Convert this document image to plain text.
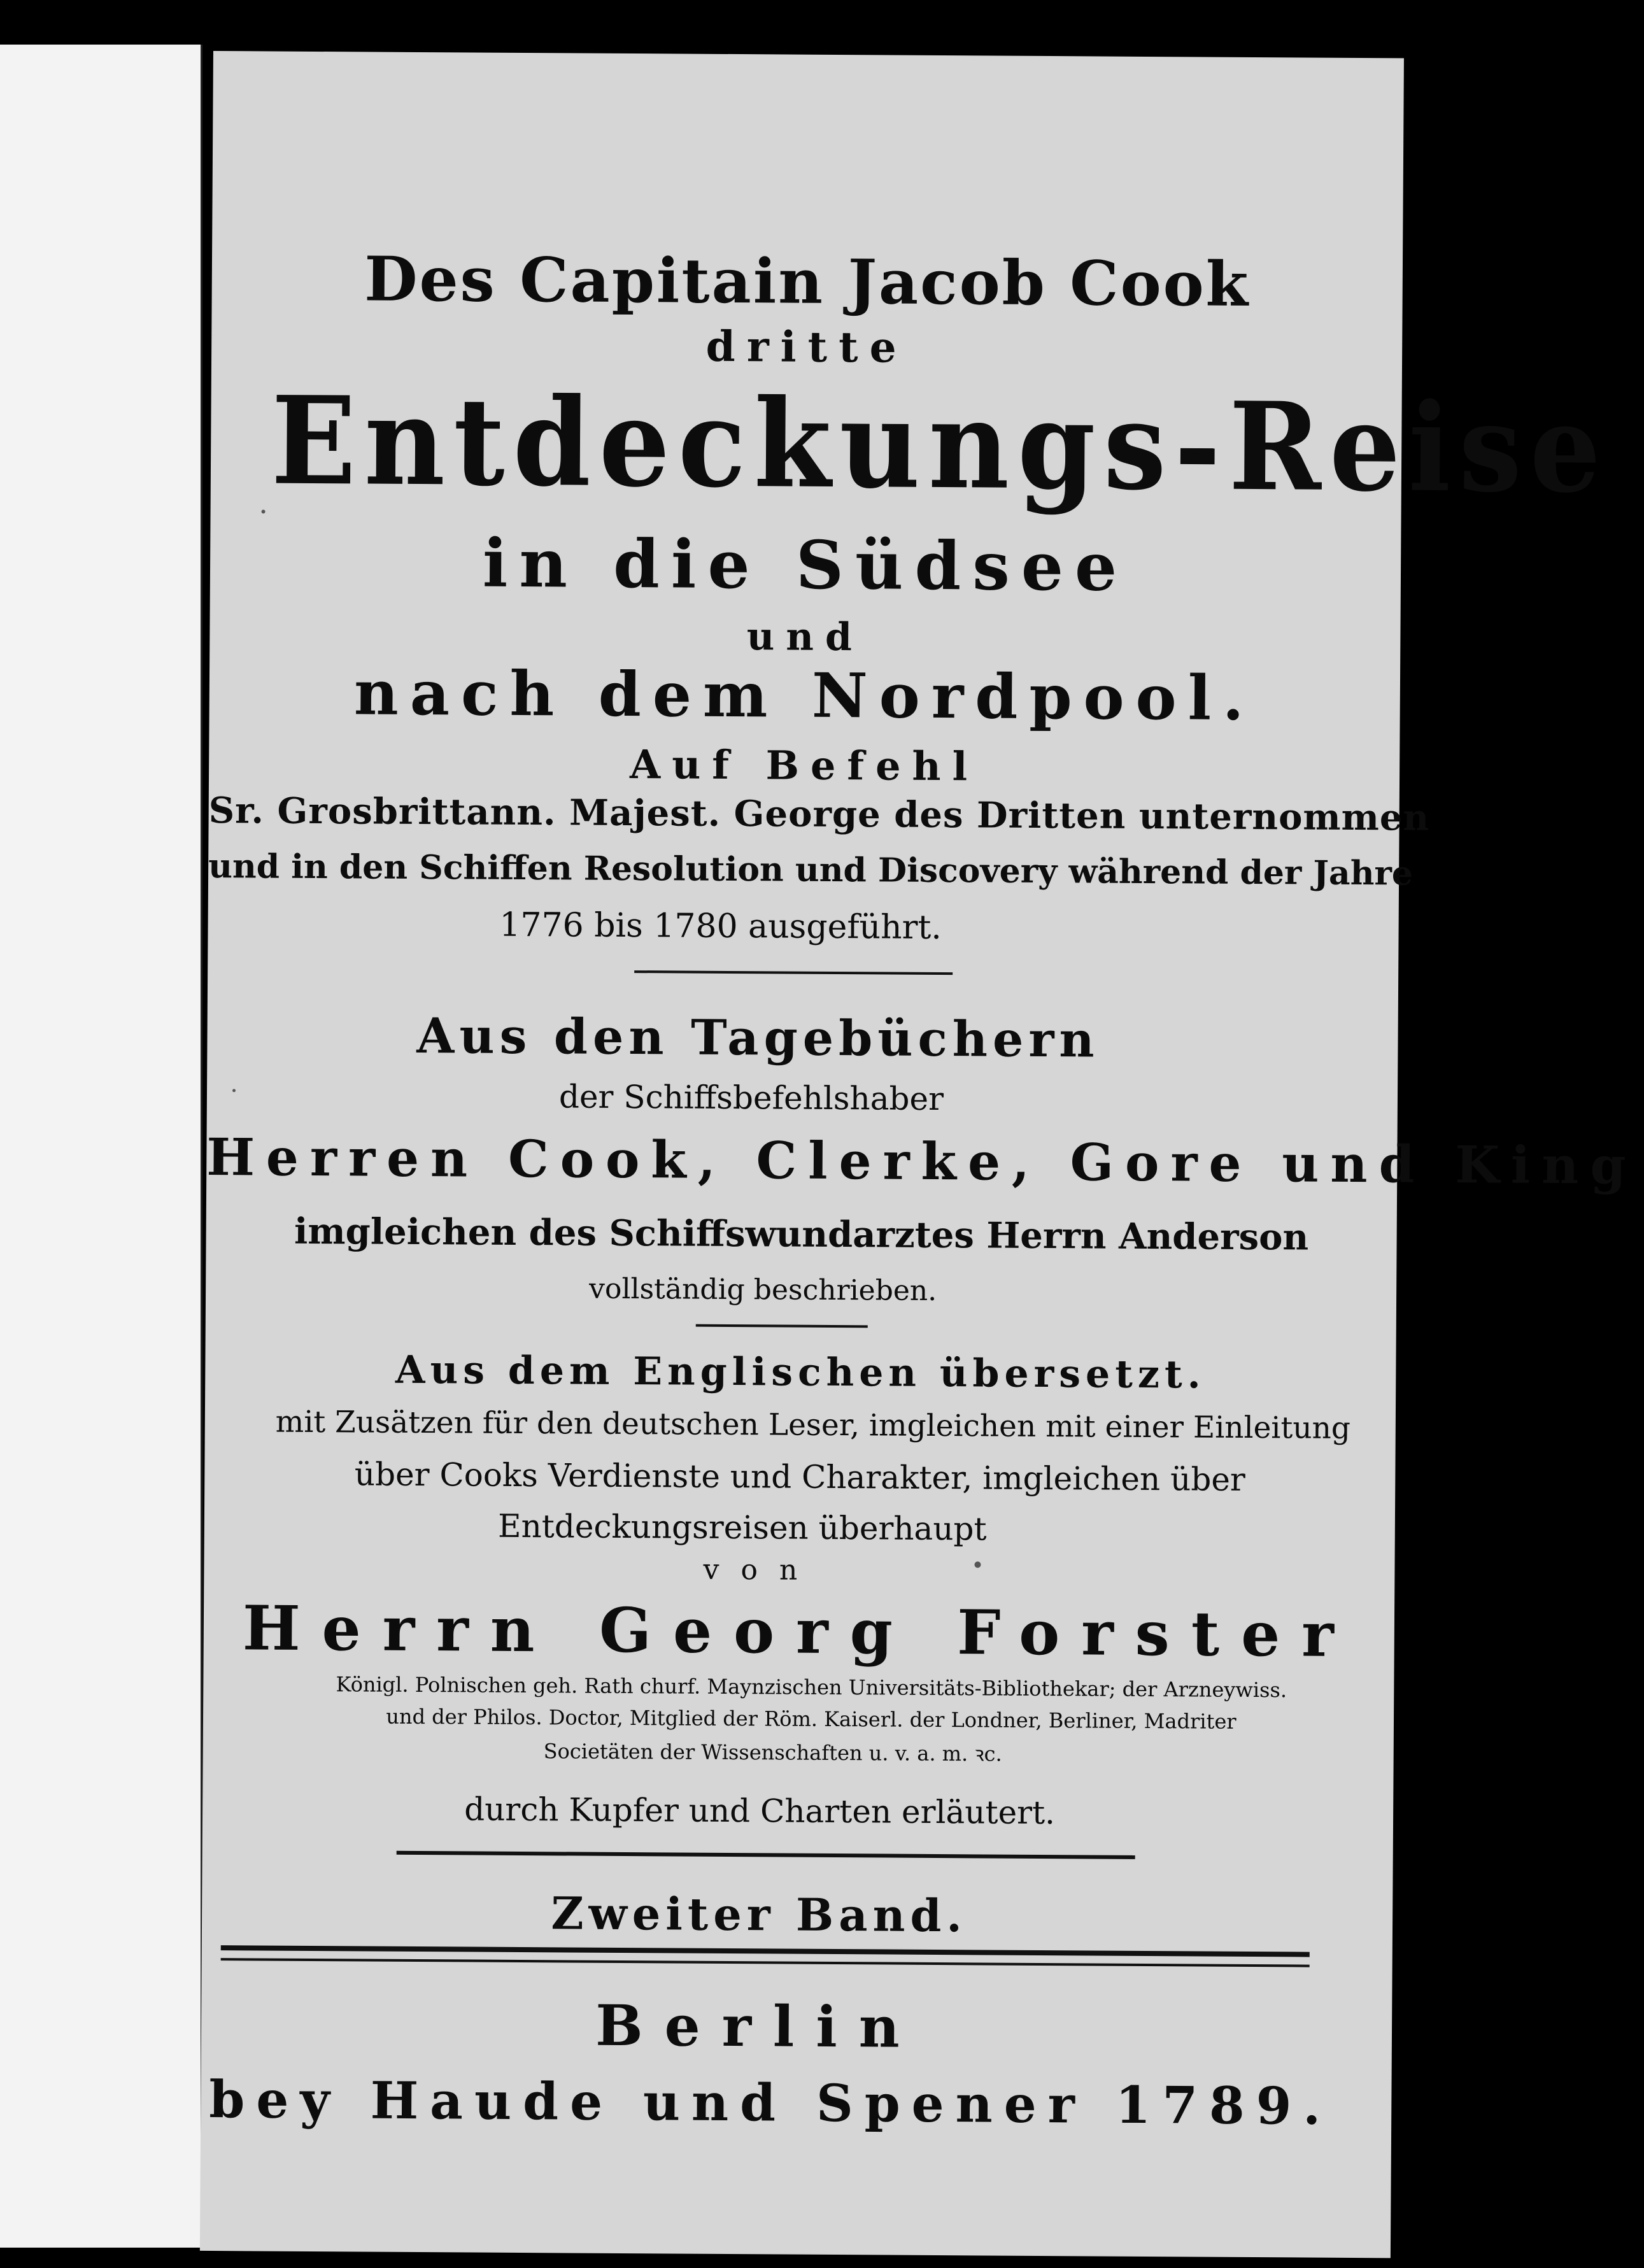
Des Capitain Jacob Cook
dritte
Entdeckungs-Reise
in die Südsee
und
nach dem Nordpool.
Auf Befehl
Sr. Grosbrittann. Majest. George des Dritten unternommen
und in den Schiffen Resolution und Discovery während der Jahre
1776 bis 1780 ausgeführt.
Aus den Tagebüchern
der Schiffsbefehlshaber
Herren Cook, Clerke, Gore und King
imgleichen des Schiffswundarztes Herrn Anderson
vollständig beschrieben.
Aus dem Englischen übersetzt.
mit Zusätzen für den deutschen Leser, imgleichen mit einer Einleitung
über Cooks Verdienste und Charakter, imgleichen über
Entdeckungsreisen überhaupt
von
Herrn Georg Forster
Königl. Polnischen geh. Rath churf. Maynzischen Universitäts-Bibliothekar; der Arzneywiss.
und der Philos. Doctor, Mitglied der Röm. Kaiserl. der Londner, Berliner, Madriter
Societäten der Wissenschaften u. v. a. m. ꝛc.
durch Kupfer und Charten erläutert.
Zweiter Band.
Berlin
bey Haude und Spener 1789.
